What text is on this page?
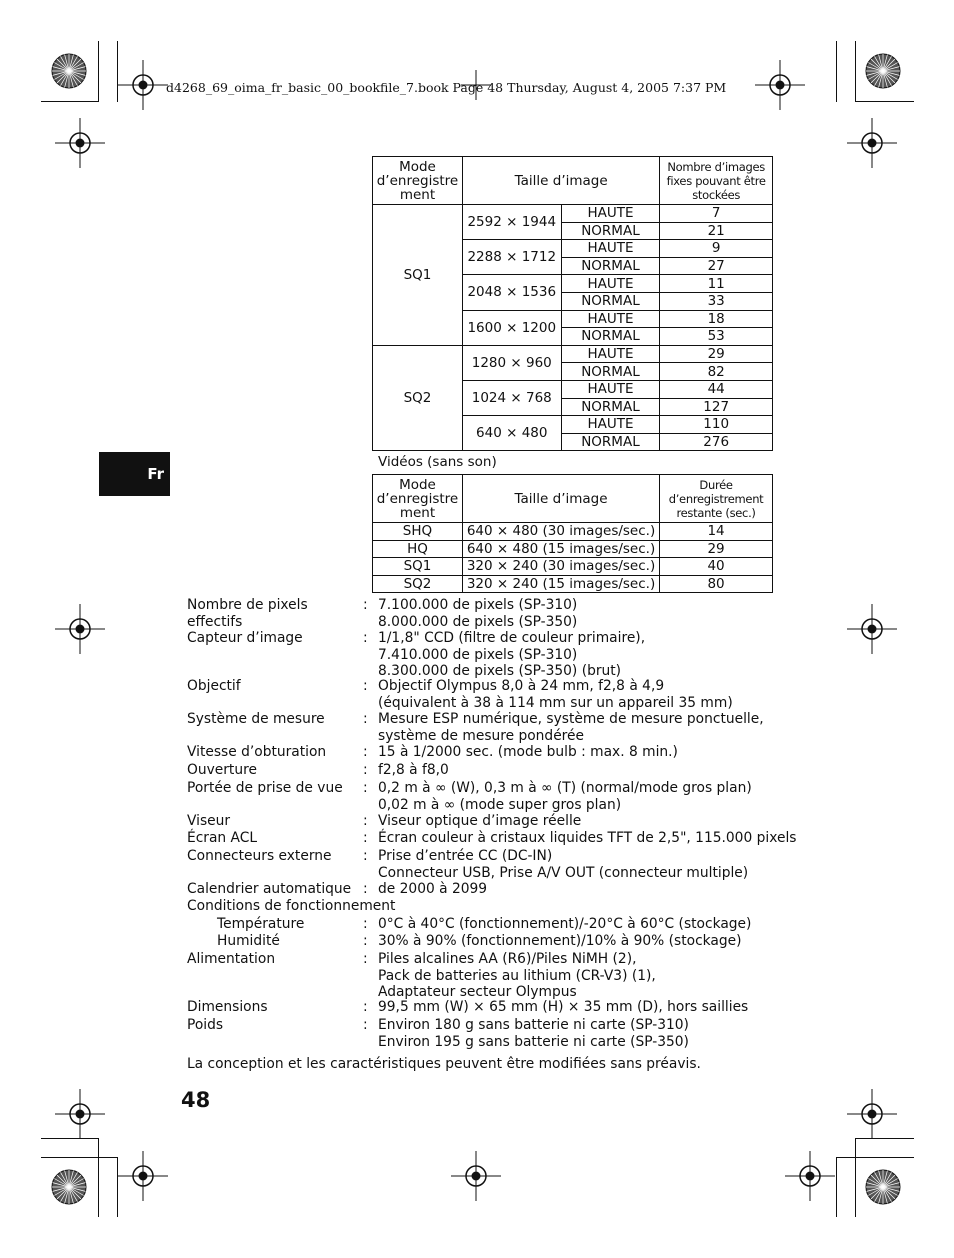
d4268_69_oima_fr_basic_00_bookfile_7.book Page 48 Thursday, August 4, 2005 7:37 PM
Fr
Mode d’enregistre ment	Taille d’image		Nombre d’images fixes pouvant être stockées
SQ1	2592 × 1944	HAUTE	7
		NORMAL	21
	2288 × 1712	HAUTE	9
		NORMAL	27
	2048 × 1536	HAUTE	11
		NORMAL	33
	1600 × 1200	HAUTE	18
		NORMAL	53
SQ2	1280 × 960	HAUTE	29
		NORMAL	82
	1024 × 768	HAUTE	44
		NORMAL	127
	640 × 480	HAUTE	110
		NORMAL	276
Vidéos (sans son)
Mode d’enregistre ment	Taille d’image	Durée d’enregistrement restante (sec.)
SHQ	640 × 480 (30 images/sec.)	14
HQ	640 × 480 (15 images/sec.)	29
SQ1	320 × 240 (30 images/sec.)	40
SQ2	320 × 240 (15 images/sec.)	80
Nombre de pixels
effectifs
: 7.100.000 de pixels (SP-310)
8.000.000 de pixels (SP-350)
Capteur d’image	: 1/1,8" CCD (filtre de couleur primaire),
7.410.000 de pixels (SP-310)
8.300.000 de pixels (SP-350) (brut)
Objectif	: Objectif Olympus 8,0 à 24 mm, f2,8 à 4,9
(équivalent à 38 à 114 mm sur un appareil 35 mm)
Système de mesure	: Mesure ESP numérique, système de mesure ponctuelle,
système de mesure pondérée
Vitesse d’obturation	: 15 à 1/2000 sec. (mode bulb : max. 8 min.)
Ouverture	: f2,8 à f8,0
Portée de prise de vue : 0,2 m à ∞ (W), 0,3 m à ∞ (T) (normal/mode gros plan)
0,02 m à ∞ (mode super gros plan)
Viseur	: Viseur optique d’image réelle
Écran ACL	: Écran couleur à cristaux liquides TFT de 2,5", 115.000 pixels
Connecteurs externe : Prise d’entrée CC (DC-IN)
Connecteur USB, Prise A/V OUT (connecteur multiple)
Calendrier automatique : de 2000 à 2099
Conditions de fonctionnement
Température	: 0°C à 40°C (fonctionnement)/-20°C à 60°C (stockage)
Humidité	: 30% à 90% (fonctionnement)/10% à 90% (stockage)
Alimentation	: Piles alcalines AA (R6)/Piles NiMH (2),
Pack de batteries au lithium (CR-V3) (1),
Adaptateur secteur Olympus
Dimensions	: 99,5 mm (W) × 65 mm (H) × 35 mm (D), hors saillies
Poids	: Environ 180 g sans batterie ni carte (SP-310)
Environ 195 g sans batterie ni carte (SP-350)
La conception et les caractéristiques peuvent être modifiées sans préavis.
48
